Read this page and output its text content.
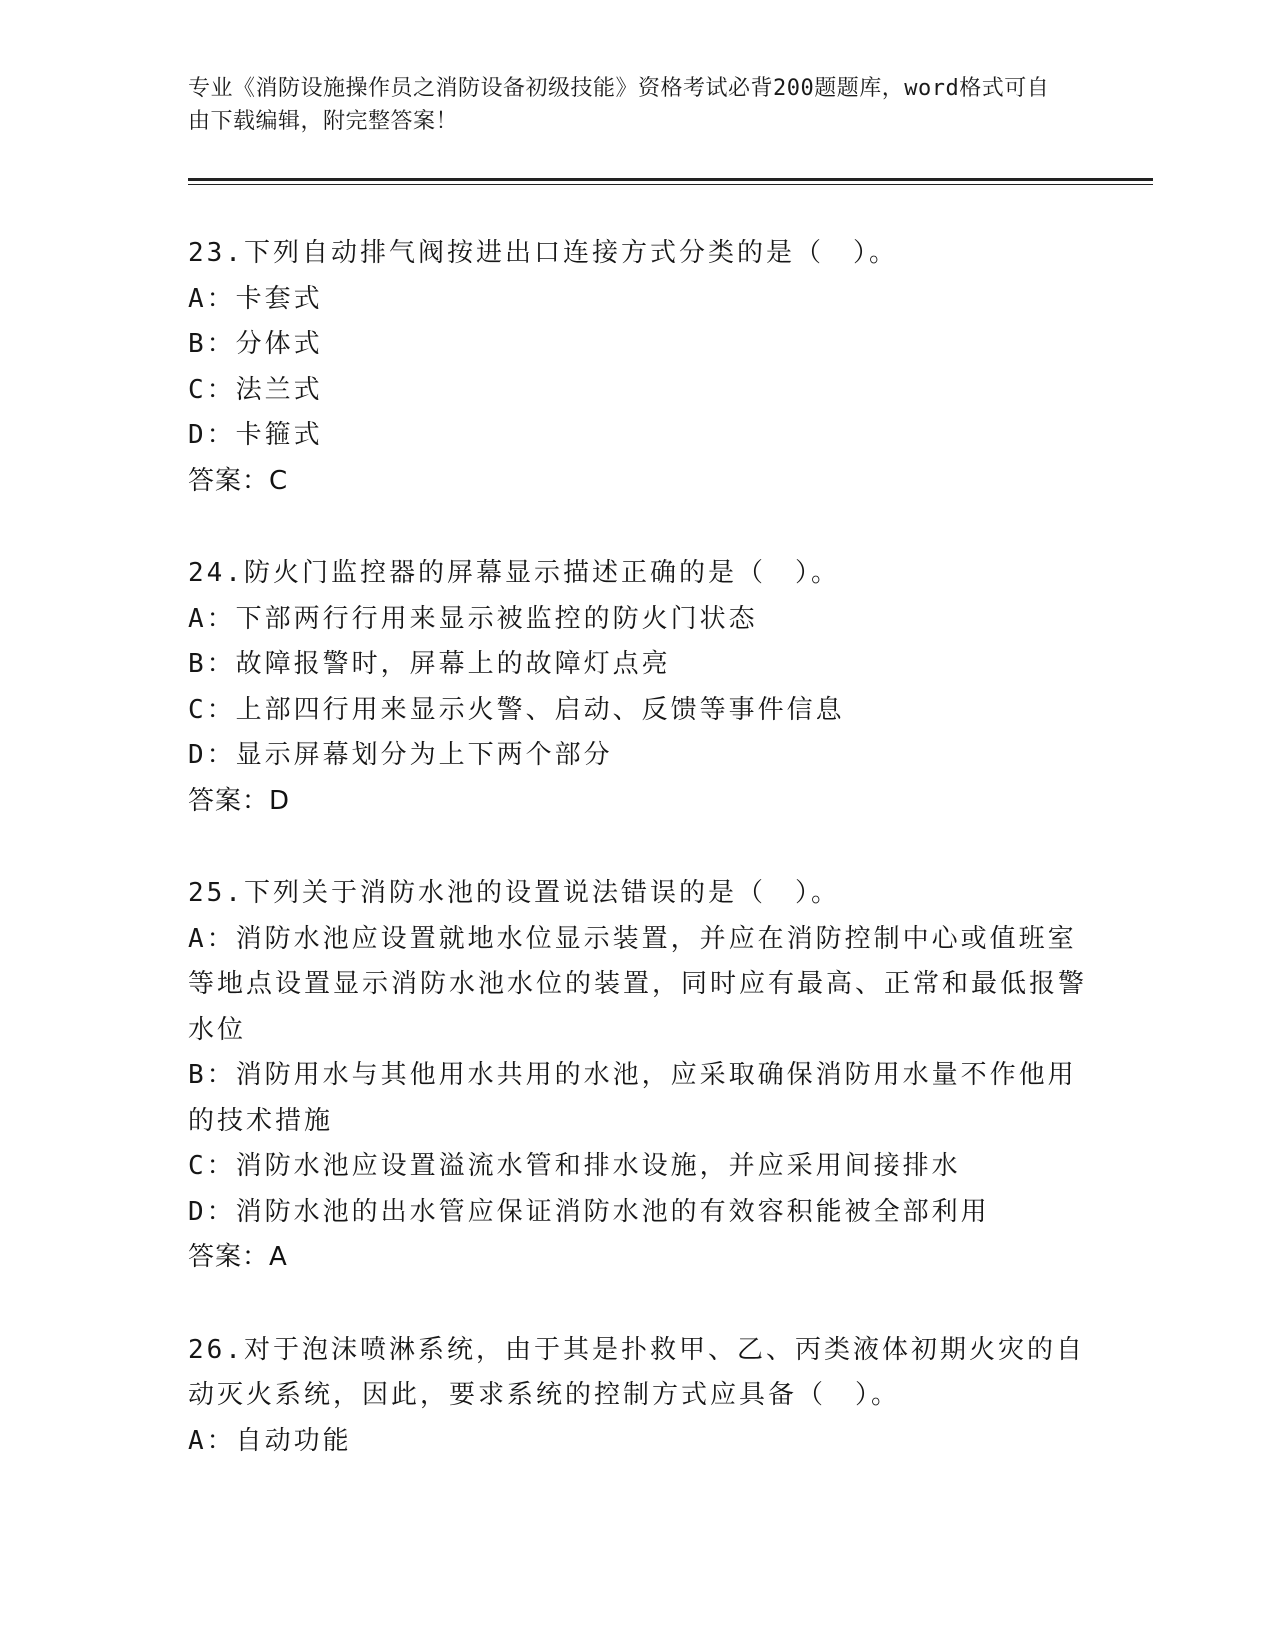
专业《消防设施操作员之消防设备初级技能》资格考试必背200题题库，word格式可自由下载编辑，附完整答案！
23.下列自动排气阀按进出口连接方式分类的是（　）。
A：卡套式
B：分体式
C：法兰式
D：卡箍式
答案：C
24.防火门监控器的屏幕显示描述正确的是（　）。
A：下部两行行用来显示被监控的防火门状态
B：故障报警时，屏幕上的故障灯点亮
C：上部四行用来显示火警、启动、反馈等事件信息
D：显示屏幕划分为上下两个部分
答案：D
25.下列关于消防水池的设置说法错误的是（　）。
A：消防水池应设置就地水位显示装置，并应在消防控制中心或值班室等地点设置显示消防水池水位的装置，同时应有最高、正常和最低报警水位
B：消防用水与其他用水共用的水池，应采取确保消防用水量不作他用的技术措施
C：消防水池应设置溢流水管和排水设施，并应采用间接排水
D：消防水池的出水管应保证消防水池的有效容积能被全部利用
答案：A
26.对于泡沫喷淋系统，由于其是扑救甲、乙、丙类液体初期火灾的自动灭火系统，因此，要求系统的控制方式应具备（　）。
A：自动功能
